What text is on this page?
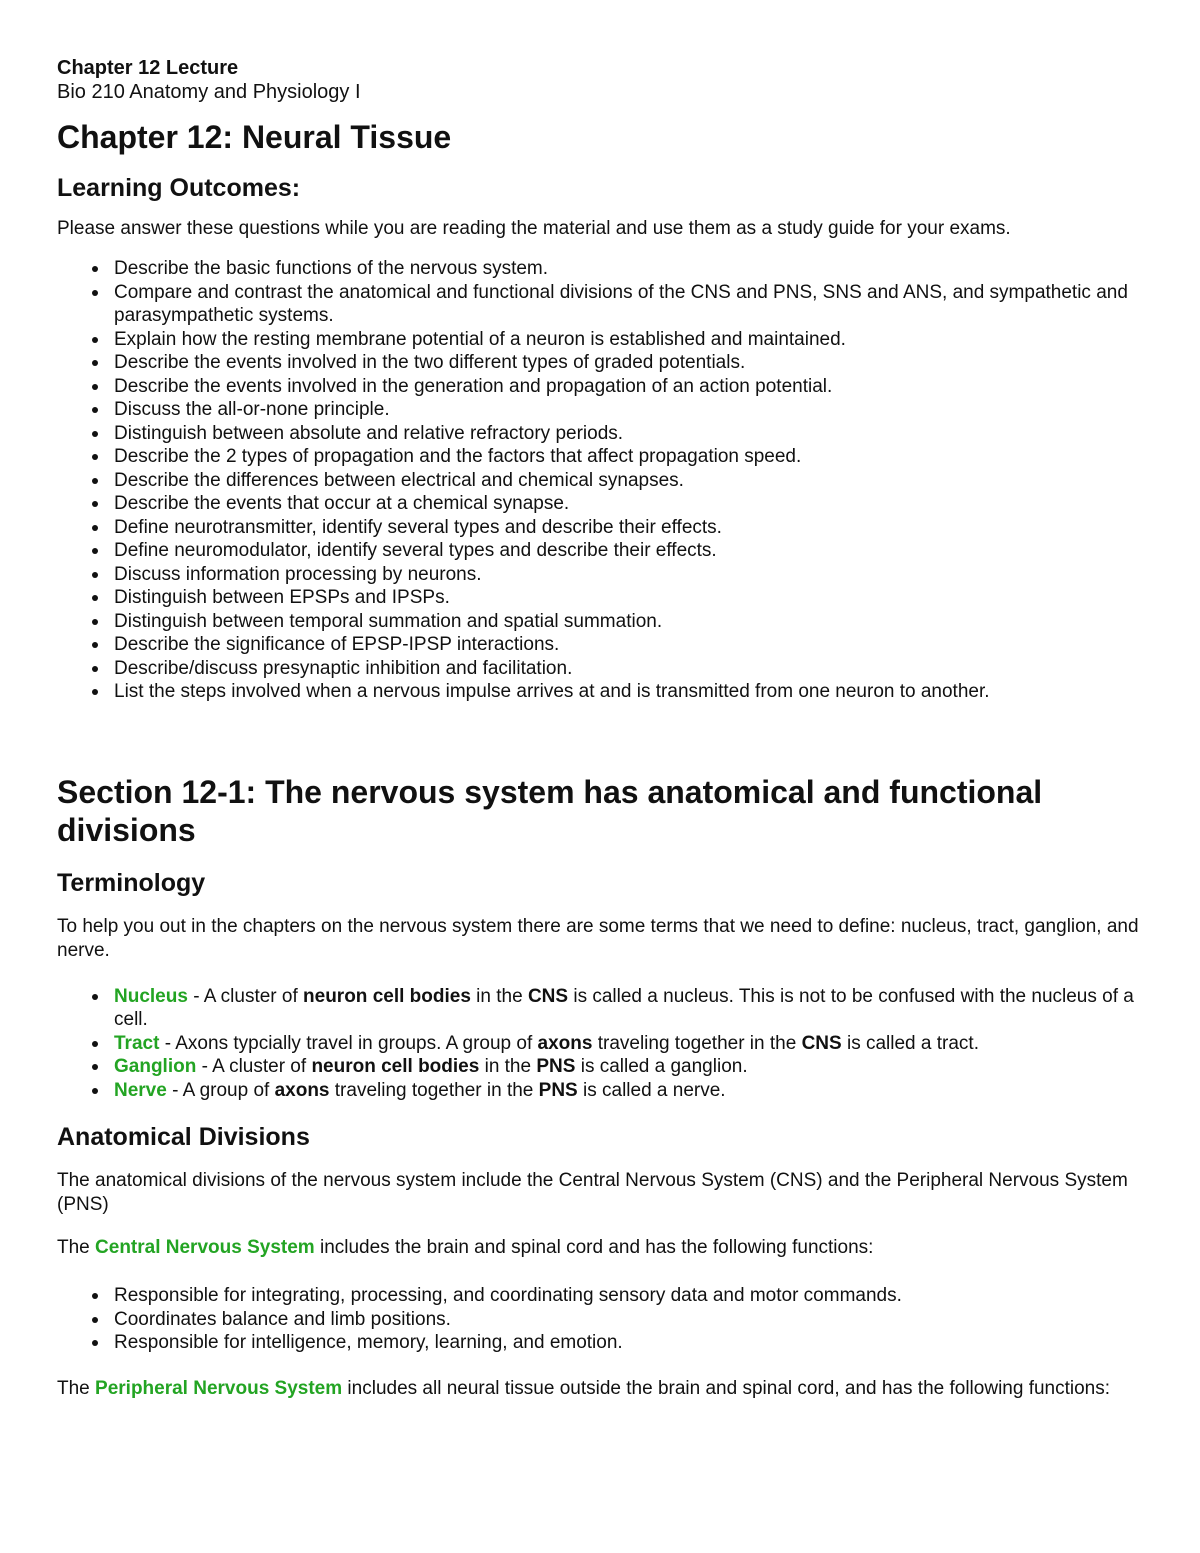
Chapter 12 Lecture

Bio 210 Anatomy and Physiology I

Chapter 12: Neural Tissue
Learning Outcomes:

Please answer these questions while you are reading the material and use them as a study guide for your exams.

Describe the basic functions of the nervous system.
Compare and contrast the anatomical and functional divisions of the CNS and PNS, SNS and ANS, and sympathetic and parasympathetic systems.
Explain how the resting membrane potential of a neuron is established and maintained.
Describe the events involved in the two different types of graded potentials.
Describe the events involved in the generation and propagation of an action potential.
Discuss the all-or-none principle.
Distinguish between absolute and relative refractory periods.
Describe the 2 types of propagation and the factors that affect propagation speed.
Describe the differences between electrical and chemical synapses.
Describe the events that occur at a chemical synapse.
Define neurotransmitter, identify several types and describe their effects.
Define neuromodulator, identify several types and describe their effects.
Discuss information processing by neurons.
Distinguish between EPSPs and IPSPs.
Distinguish between temporal summation and spatial summation.
Describe the significance of EPSP-IPSP interactions.
Describe/discuss presynaptic inhibition and facilitation.
List the steps involved when a nervous impulse arrives at and is transmitted from one neuron to another.
Section 12-1: The nervous system has anatomical and functional divisions
Terminology

To help you out in the chapters on the nervous system there are some terms that we need to define: nucleus, tract, ganglion, and nerve.

Nucleus - A cluster of neuron cell bodies in the CNS is called a nucleus. This is not to be confused with the nucleus of a cell.
Tract - Axons typcially travel in groups. A group of axons traveling together in the CNS is called a tract.
Ganglion - A cluster of neuron cell bodies in the PNS is called a ganglion.
Nerve - A group of axons traveling together in the PNS is called a nerve.
Anatomical Divisions

The anatomical divisions of the nervous system include the Central Nervous System (CNS) and the Peripheral Nervous System (PNS)

The Central Nervous System includes the brain and spinal cord and has the following functions:

Responsible for integrating, processing, and coordinating sensory data and motor commands.
Coordinates balance and limb positions.
Responsible for intelligence, memory, learning, and emotion.

The Peripheral Nervous System includes all neural tissue outside the brain and spinal cord, and has the following functions:
